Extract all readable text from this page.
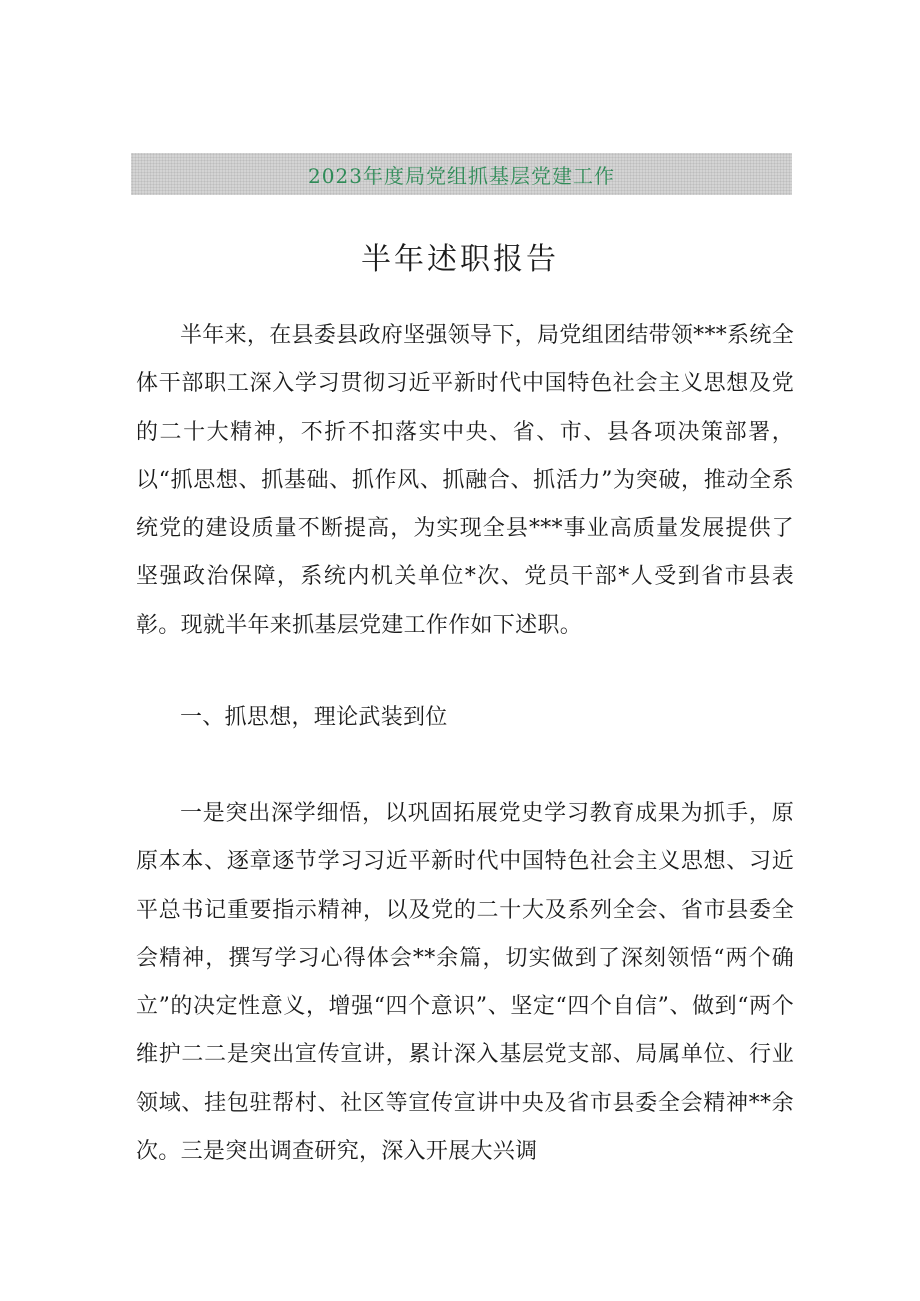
2023年度局党组抓基层党建工作
半年述职报告

半年来，在县委县政府坚强领导下，局党组团结带领***系统全体干部职工深入学习贯彻习近平新时代中国特色社会主义思想及党的二十大精神，不折不扣落实中央、省、市、县各项决策部署，以“抓思想、抓基础、抓作风、抓融合、抓活力”为突破，推动全系统党的建设质量不断提高，为实现全县***事业高质量发展提供了坚强政治保障，系统内机关单位*次、党员干部*人受到省市县表彰。现就半年来抓基层党建工作作如下述职。

一、抓思想，理论武装到位

一是突出深学细悟，以巩固拓展党史学习教育成果为抓手，原原本本、逐章逐节学习习近平新时代中国特色社会主义思想、习近平总书记重要指示精神，以及党的二十大及系列全会、省市县委全会精神，撰写学习心得体会**余篇，切实做到了深刻领悟“两个确立”的决定性意义，增强“四个意识”、坚定“四个自信”、做到“两个维护二二是突出宣传宣讲，累计深入基层党支部、局属单位、行业领域、挂包驻帮村、社区等宣传宣讲中央及省市县委全会精神**余次。三是突出调查研究，深入开展大兴调
